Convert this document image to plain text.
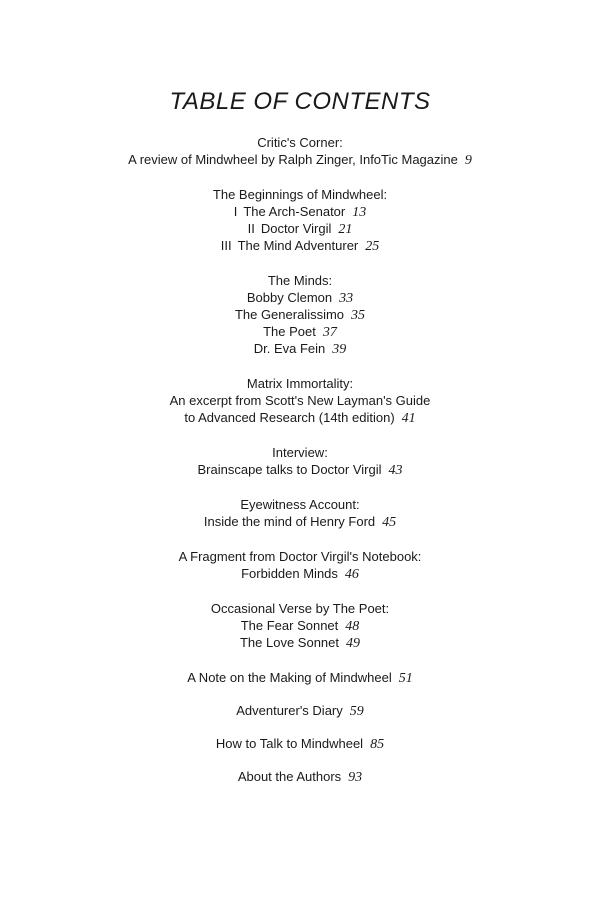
TABLE OF CONTENTS
Critic's Corner:
A review of Mindwheel by Ralph Zinger, InfoTic Magazine 9
The Beginnings of Mindwheel:
I The Arch-Senator 13
II Doctor Virgil 21
III The Mind Adventurer 25
The Minds:
Bobby Clemon 33
The Generalissimo 35
The Poet 37
Dr. Eva Fein 39
Matrix Immortality:
An excerpt from Scott's New Layman's Guide
to Advanced Research (14th edition) 41
Interview:
Brainscape talks to Doctor Virgil 43
Eyewitness Account:
Inside the mind of Henry Ford 45
A Fragment from Doctor Virgil's Notebook:
Forbidden Minds 46
Occasional Verse by The Poet:
The Fear Sonnet 48
The Love Sonnet 49
A Note on the Making of Mindwheel 51
Adventurer's Diary 59
How to Talk to Mindwheel 85
About the Authors 93
